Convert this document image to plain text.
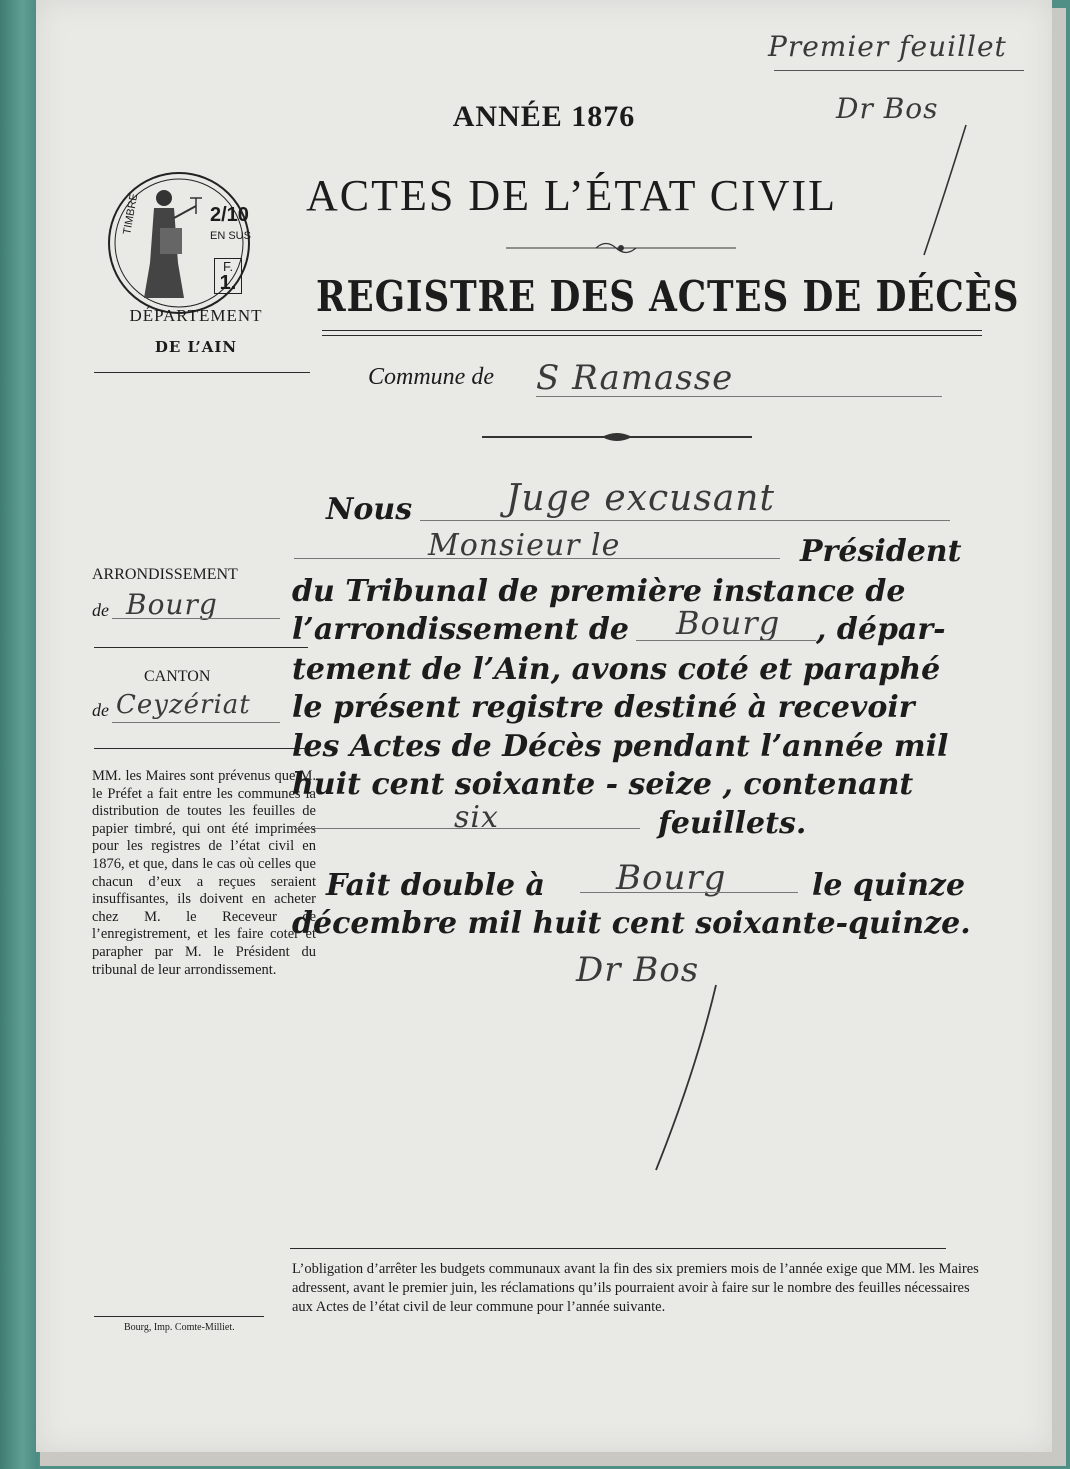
Premier feuillet
Dr Bos
ANNÉE 1876
ACTES DE L’ÉTAT CIVIL
REGISTRE DES ACTES DE DÉCÈS
TIMBRE	2/10
EN SUS
F.
1.
DÉPARTEMENT
DE L’AIN
Commune de S Ramasse
ARRONDISSEMENT
de Bourg
CANTON
de Ceyzériat
MM. les Maires sont prévenus que M. le Préfet a fait entre les communes la distribution de toutes les feuilles de papier timbré, qui ont été imprimées pour les registres de l’état civil en 1876, et que, dans le cas où celles que chacun d’eux a reçues seraient insuffisantes, ils doivent en acheter chez M. le Receveur de l’enregistrement, et les faire coter et parapher par M. le Président du tribunal de leur arrondissement.
Nous	Juge excusant
Monsieur le	Président
du Tribunal de première instance de
l’arrondissement de Bourg , dépar-
tement de l’Ain, avons coté et paraphé
le présent registre destiné à recevoir
les Actes de Décès pendant l’année mil
huit cent soixante - seize , contenant
six	feuillets.
Fait double à Bourg	le quinze
décembre mil huit cent soixante-quinze.
Dr Bos
L’obligation d’arrêter les budgets communaux avant la fin des six premiers mois de l’année exige que MM. les Maires adressent, avant le premier juin, les réclamations qu’ils pourraient avoir à faire sur le nombre des feuilles nécessaires aux Actes de l’état civil de leur commune pour l’année suivante.
Bourg, Imp. Comte-Milliet.
